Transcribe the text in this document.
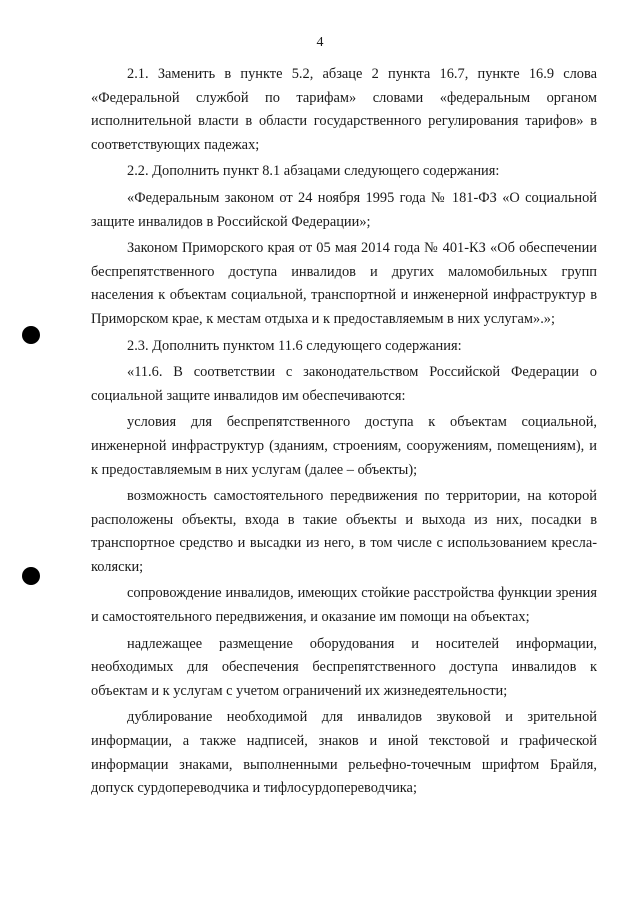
4

2.1. Заменить в пункте 5.2, абзаце 2 пункта 16.7, пункте 16.9 слова «Федеральной службой по тарифам» словами «федеральным органом исполнительной власти в области государственного регулирования тарифов» в соответствующих падежах;

2.2. Дополнить пункт 8.1 абзацами следующего содержания:

«Федеральным законом от 24 ноября 1995 года № 181-ФЗ «О социальной защите инвалидов в Российской Федерации»;

Законом Приморского края от 05 мая 2014 года № 401-КЗ «Об обеспечении беспрепятственного доступа инвалидов и других маломобильных групп населения к объектам социальной, транспортной и инженерной инфраструктур в Приморском крае, к местам отдыха и к предоставляемым в них услугам».»;

2.3. Дополнить пунктом 11.6 следующего содержания:

«11.6. В соответствии с законодательством Российской Федерации о социальной защите инвалидов им обеспечиваются:

условия для беспрепятственного доступа к объектам социальной, инженерной инфраструктур (зданиям, строениям, сооружениям, помещениям), и к предоставляемым в них услугам (далее – объекты);

возможность самостоятельного передвижения по территории, на которой расположены объекты, входа в такие объекты и выхода из них, посадки в транспортное средство и высадки из него, в том числе с использованием кресла-коляски;

сопровождение инвалидов, имеющих стойкие расстройства функции зрения и самостоятельного передвижения, и оказание им помощи на объектах;

надлежащее размещение оборудования и носителей информации, необходимых для обеспечения беспрепятственного доступа инвалидов к объектам и к услугам с учетом ограничений их жизнедеятельности;

дублирование необходимой для инвалидов звуковой и зрительной информации, а также надписей, знаков и иной текстовой и графической информации знаками, выполненными рельефно-точечным шрифтом Брайля, допуск сурдопереводчика и тифлосурдопереводчика;
